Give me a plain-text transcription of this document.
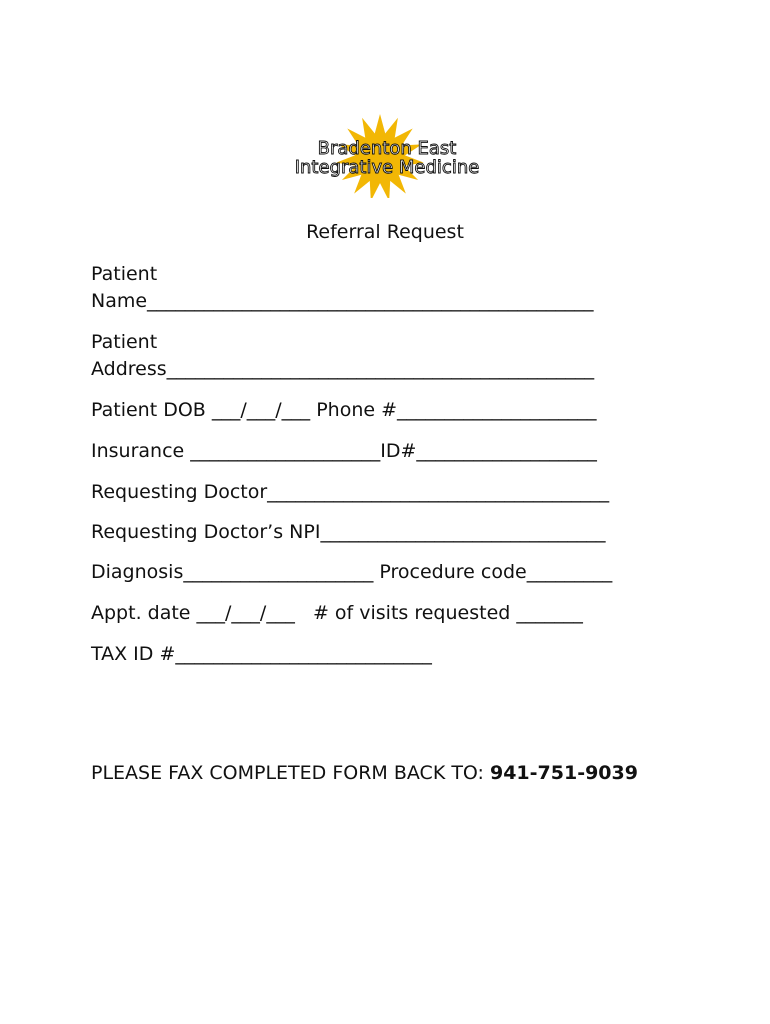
Bradenton East
Integrative Medicine
Referral Request
Patient
Name_______________________________________________
Patient
Address_____________________________________________
Patient DOB ___/___/___ Phone #_____________________
Insurance ____________________ID#___________________
Requesting Doctor____________________________________
Requesting Doctor’s NPI______________________________
Diagnosis____________________ Procedure code_________
Appt. date ___/___/___   # of visits requested _______
TAX ID #___________________________
PLEASE FAX COMPLETED FORM BACK TO: 941-751-9039
